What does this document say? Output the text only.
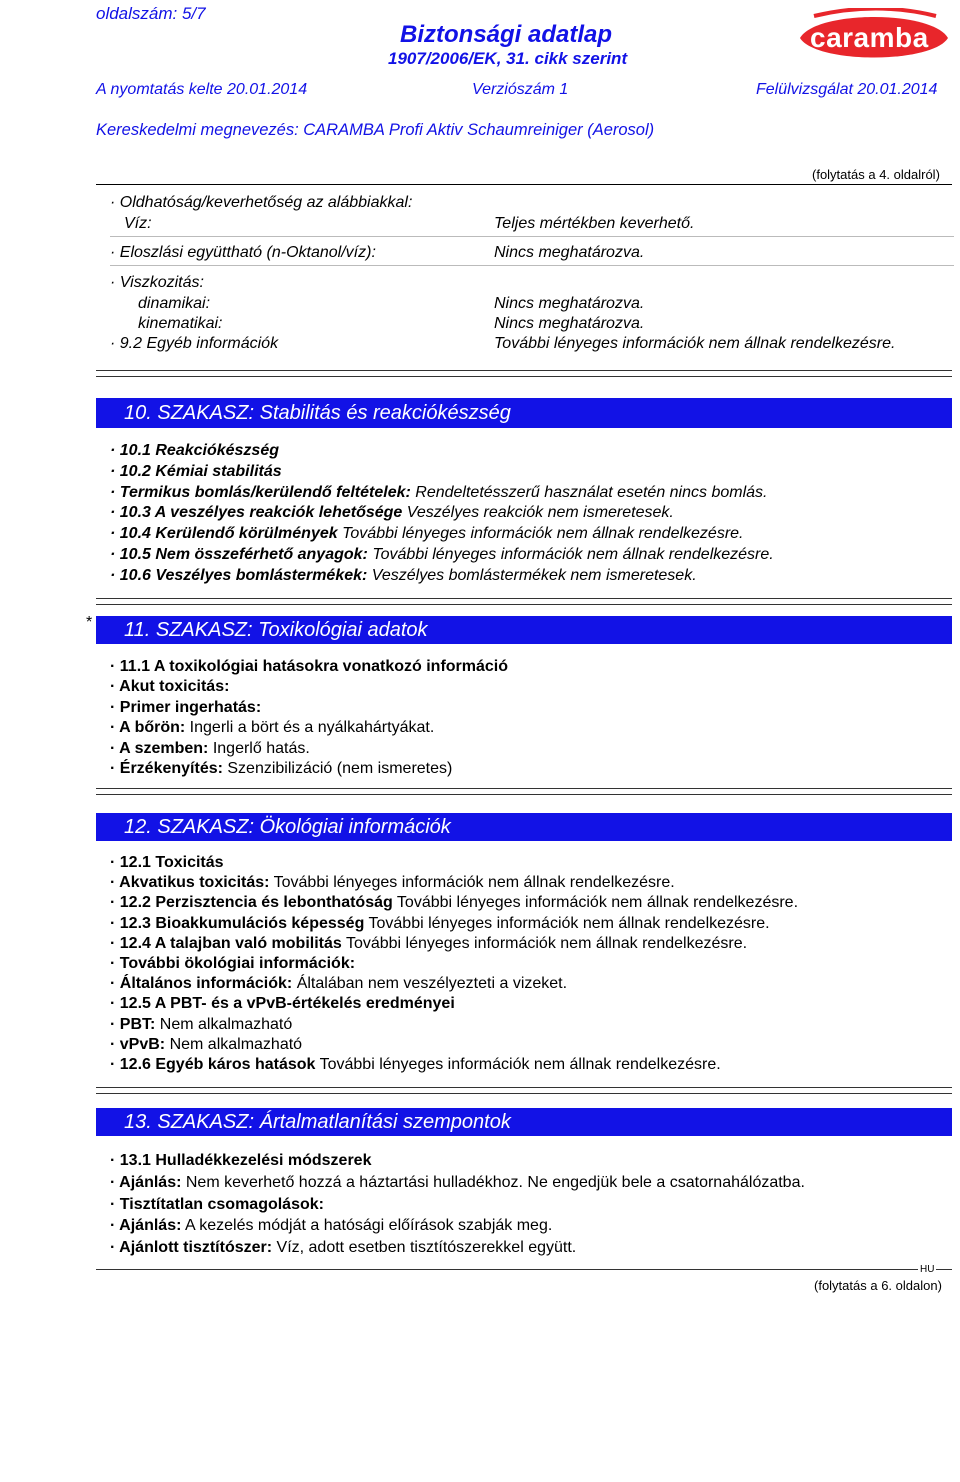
oldalszám: 5/7
Biztonsági adatlap
1907/2006/EK, 31. cikk szerint
caramba
A nyomtatás kelte 20.01.2014	Verziószám 1	Felülvizsgálat 20.01.2014
Kereskedelmi megnevezés: CARAMBA Profi Aktiv Schaumreiniger (Aerosol)
(folytatás a 4. oldalról)
· Oldhatóság/keverhetőség az alábbiakkal:
Víz:	Teljes mértékben keverhető.
· Eloszlási együttható (n-Oktanol/víz):	Nincs meghatározva.
· Viszkozitás:
dinamikai:	Nincs meghatározva.
kinematikai:	Nincs meghatározva.
· 9.2 Egyéb információk	További lényeges információk nem állnak rendelkezésre.
10. SZAKASZ: Stabilitás és reakciókészség
· 10.1 Reakciókészség
· 10.2 Kémiai stabilitás
· Termikus bomlás/kerülendő feltételek: Rendeltetésszerű használat esetén nincs bomlás.
· 10.3 A veszélyes reakciók lehetősége Veszélyes reakciók nem ismeretesek.
· 10.4 Kerülendő körülmények További lényeges információk nem állnak rendelkezésre.
· 10.5 Nem összeférhető anyagok: További lényeges információk nem állnak rendelkezésre.
· 10.6 Veszélyes bomlástermékek: Veszélyes bomlástermékek nem ismeretesek.
* 11. SZAKASZ: Toxikológiai adatok
· 11.1 A toxikológiai hatásokra vonatkozó információ
· Akut toxicitás:
· Primer ingerhatás:
· A bőrön: Ingerli a bört és a nyálkahártyákat.
· A szemben: Ingerlő hatás.
· Érzékenyítés: Szenzibilizáció (nem ismeretes)
12. SZAKASZ: Ökológiai információk
· 12.1 Toxicitás
· Akvatikus toxicitás: További lényeges információk nem állnak rendelkezésre.
· 12.2 Perzisztencia és lebonthatóság További lényeges információk nem állnak rendelkezésre.
· 12.3 Bioakkumulációs képesség További lényeges információk nem állnak rendelkezésre.
· 12.4 A talajban való mobilitás További lényeges információk nem állnak rendelkezésre.
· További ökológiai információk:
· Általános információk: Általában nem veszélyezteti a vizeket.
· 12.5 A PBT- és a vPvB-értékelés eredményei
· PBT: Nem alkalmazható
· vPvB: Nem alkalmazható
· 12.6 Egyéb káros hatások További lényeges információk nem állnak rendelkezésre.
13. SZAKASZ: Ártalmatlanítási szempontok
· 13.1 Hulladékkezelési módszerek
· Ajánlás: Nem keverhető hozzá a háztartási hulladékhoz. Ne engedjük bele a csatornahálózatba.
· Tisztítatlan csomagolások:
· Ajánlás: A kezelés módját a hatósági előírások szabják meg.
· Ajánlott tisztítószer: Víz, adott esetben tisztítószerekkel együtt.
HU
(folytatás a 6. oldalon)
